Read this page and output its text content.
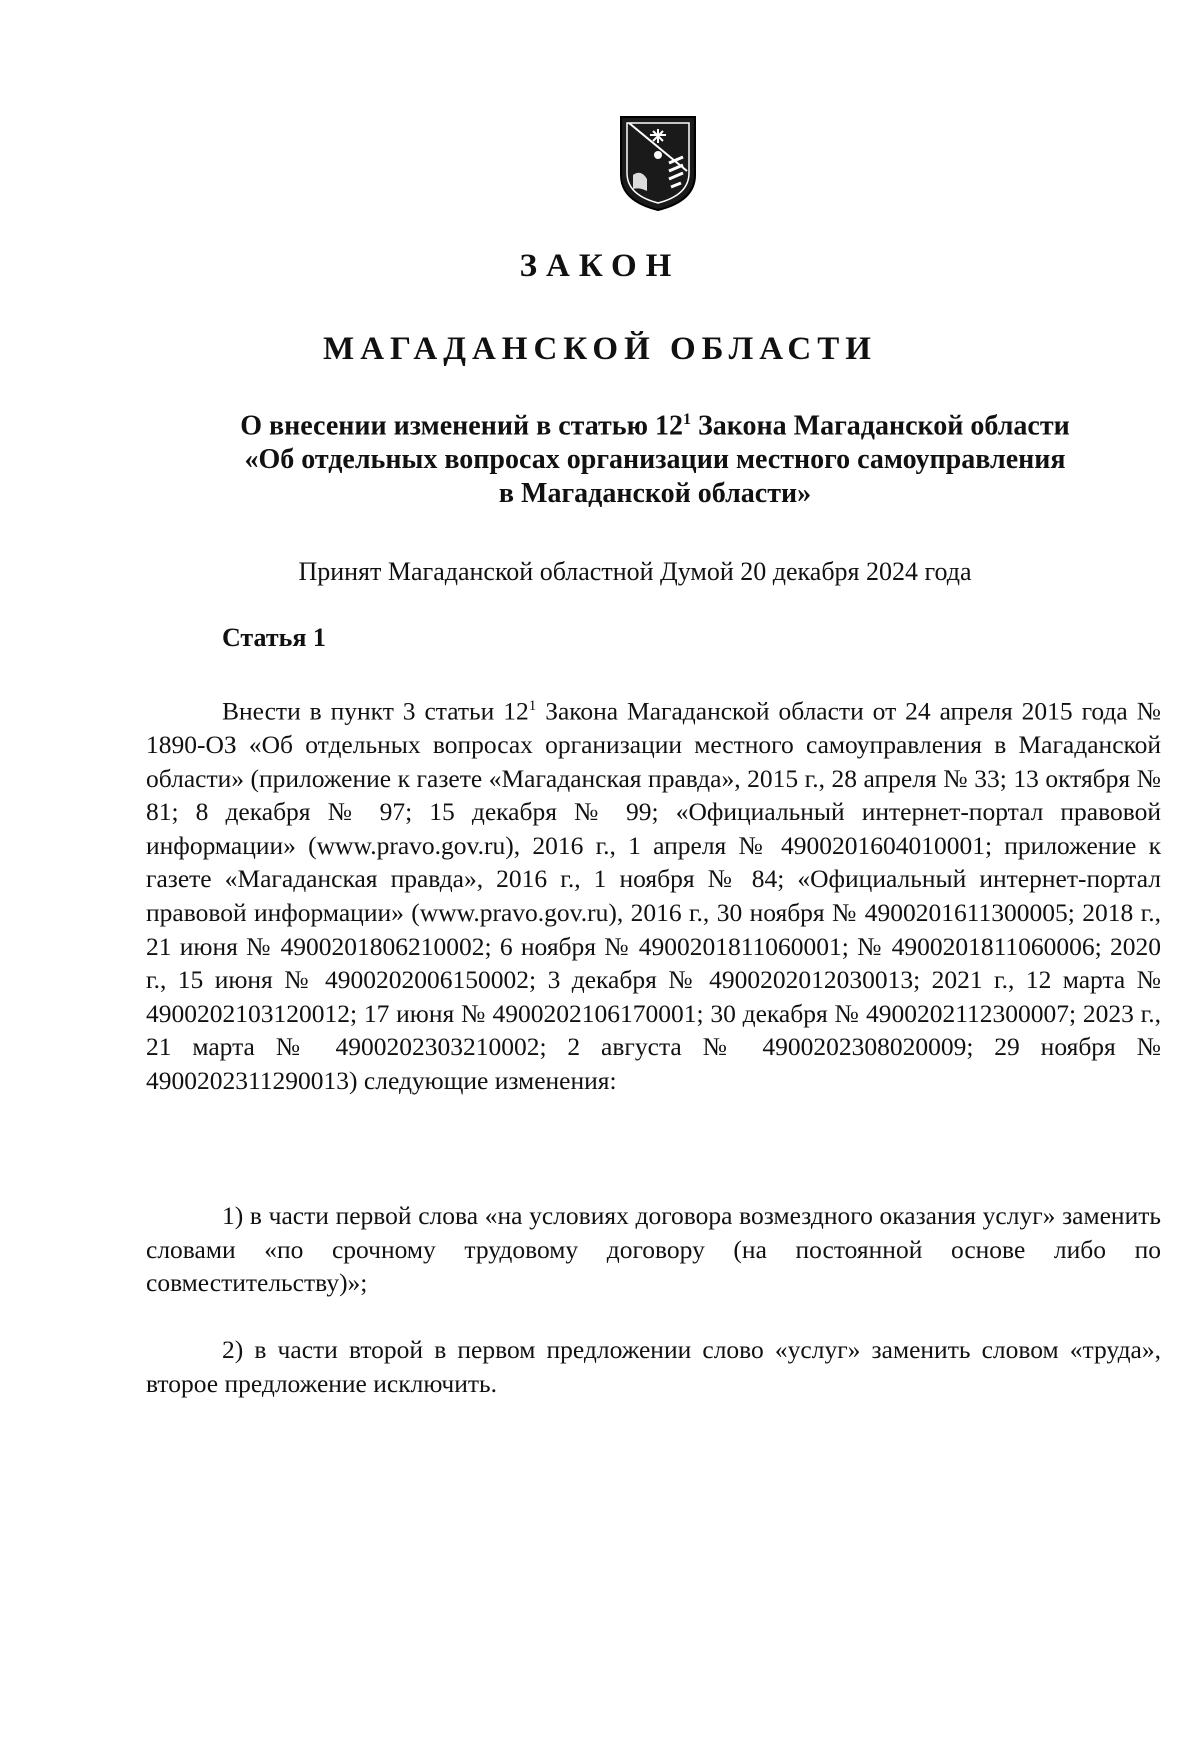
ЗАКОН
МАГАДАНСКОЙ ОБЛАСТИ
О внесении изменений в статью $12^1$ Закона Магаданской области
«Об отдельных вопросах организации местного самоуправления
в Магаданской области»
Принят Магаданской областной Думой 20 декабря 2024 года
Статья 1
Внести в пункт 3 статьи $12^1$ Закона Магаданской области от 24 апреля 2015 года № 1890-ОЗ «Об отдельных вопросах организации местного самоуправления в Магаданской области» (приложение к газете «Магаданская правда», 2015 г., 28 апреля № 33; 13 октября № 81; 8 декабря № 97; 15 декабря № 99; «Официальный интернет-портал правовой информации» (www.pravo.gov.ru), 2016 г., 1 апреля № 4900201604010001; приложение к газете «Магаданская правда», 2016 г., 1 ноября № 84; «Официальный интернет-портал правовой информации» (www.pravo.gov.ru), 2016 г., 30 ноября № 4900201611300005; 2018 г., 21 июня № 4900201806210002; 6 ноября № 4900201811060001; № 4900201811060006; 2020 г., 15 июня № 4900202006150002; 3 декабря № 4900202012030013; 2021 г., 12 марта № 4900202103120012; 17 июня № 4900202106170001; 30 декабря № 4900202112300007; 2023 г., 21 марта № 4900202303210002; 2 августа № 4900202308020009; 29 ноября № 4900202311290013) следующие изменения:
1) в части первой слова «на условиях договора возмездного оказания услуг» заменить словами «по срочному трудовому договору (на постоянной основе либо по совместительству)»;
2) в части второй в первом предложении слово «услуг» заменить словом «труда», второе предложение исключить.
